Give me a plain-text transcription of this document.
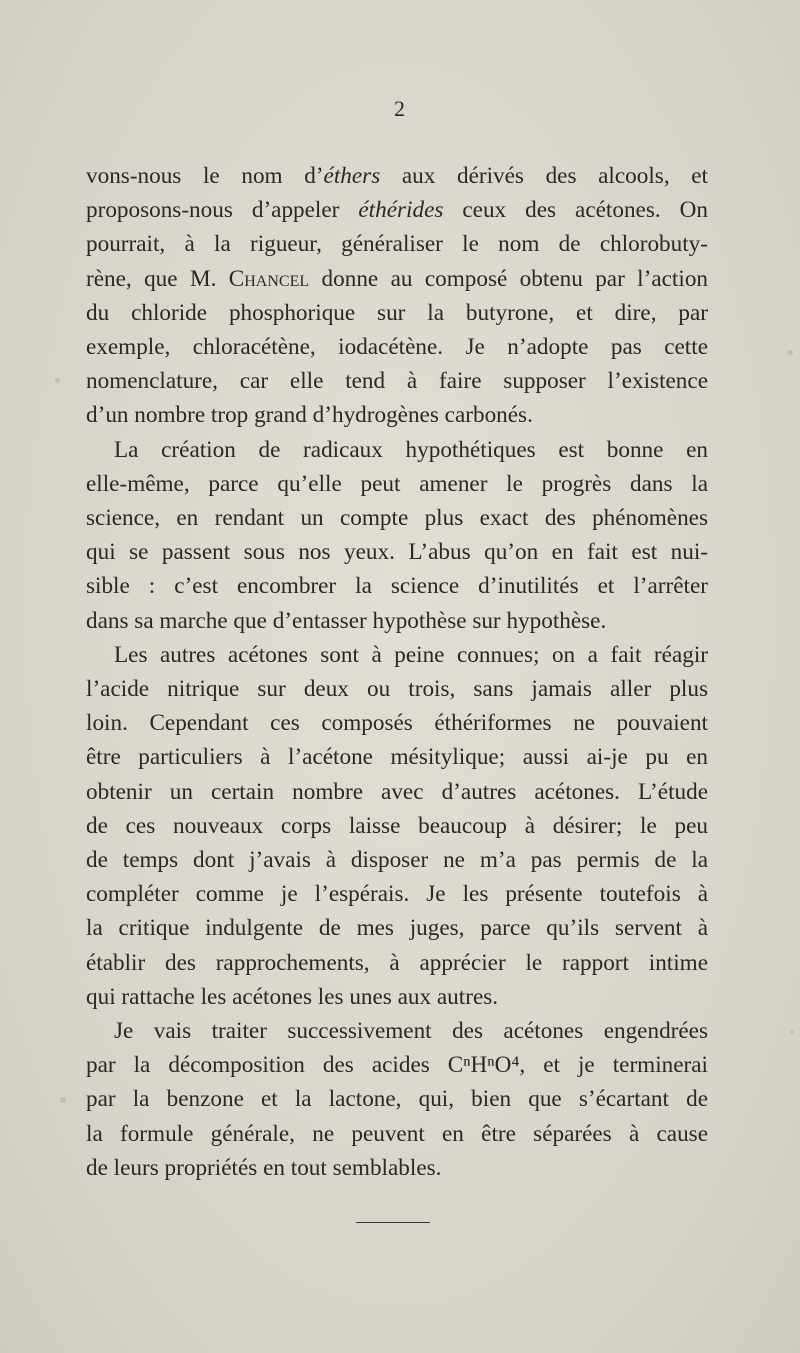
2
vons-nous le nom d’éthers aux dérivés des alcools, et
proposons-nous d’appeler éthérides ceux des acétones. On
pourrait, à la rigueur, généraliser le nom de chlorobuty-
rène, que M. Chancel donne au composé obtenu par l’action
du chloride phosphorique sur la butyrone, et dire, par
exemple, chloracétène, iodacétène. Je n’adopte pas cette
nomenclature, car elle tend à faire supposer l’existence
d’un nombre trop grand d’hydrogènes carbonés.
La création de radicaux hypothétiques est bonne en
elle-même, parce qu’elle peut amener le progrès dans la
science, en rendant un compte plus exact des phénomènes
qui se passent sous nos yeux. L’abus qu’on en fait est nui-
sible : c’est encombrer la science d’inutilités et l’arrêter
dans sa marche que d’entasser hypothèse sur hypothèse.
Les autres acétones sont à peine connues; on a fait réagir
l’acide nitrique sur deux ou trois, sans jamais aller plus
loin. Cependant ces composés éthériformes ne pouvaient
être particuliers à l’acétone mésitylique; aussi ai-je pu en
obtenir un certain nombre avec d’autres acétones. L’étude
de ces nouveaux corps laisse beaucoup à désirer; le peu
de temps dont j’avais à disposer ne m’a pas permis de la
compléter comme je l’espérais. Je les présente toutefois à
la critique indulgente de mes juges, parce qu’ils servent à
établir des rapprochements, à apprécier le rapport intime
qui rattache les acétones les unes aux autres.
Je vais traiter successivement des acétones engendrées
par la décomposition des acides CⁿHⁿO⁴, et je terminerai
par la benzone et la lactone, qui, bien que s’écartant de
la formule générale, ne peuvent en être séparées à cause
de leurs propriétés en tout semblables.
